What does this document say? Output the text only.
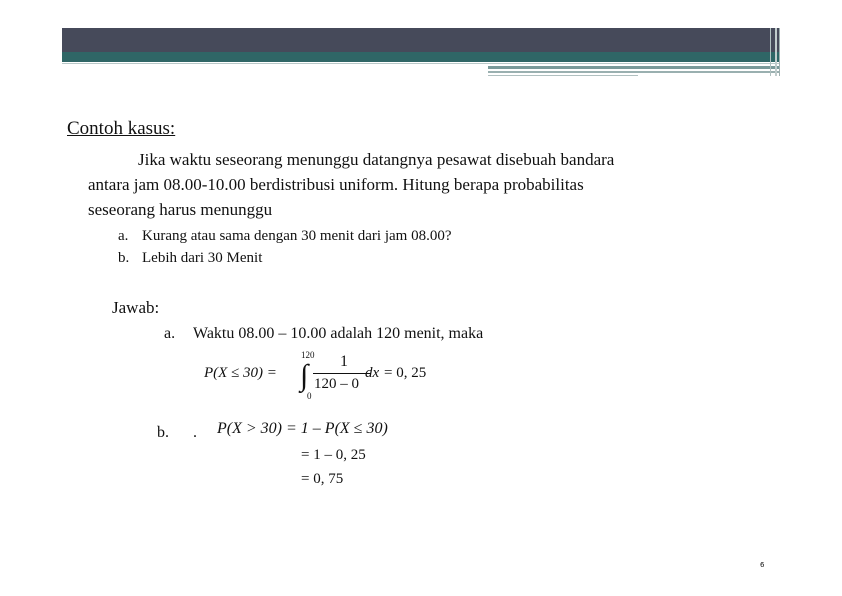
Contoh kasus:
Jika waktu seseorang menunggu datangnya pesawat disebuah bandara
antara jam 08.00-10.00 berdistribusi uniform. Hitung berapa probabilitas
seseorang harus menunggu
a. Kurang atau sama dengan 30 menit dari jam 08.00?
b. Lebih dari 30 Menit
Jawab:
a. Waktu 08.00 – 10.00 adalah 120 menit, maka
P(X ≤ 30) =
120
∫
0
1
120 – 0
dx = 0, 25
b. . P(X > 30) = 1 – P(X ≤ 30)
= 1 – 0, 25
= 0, 75
6
